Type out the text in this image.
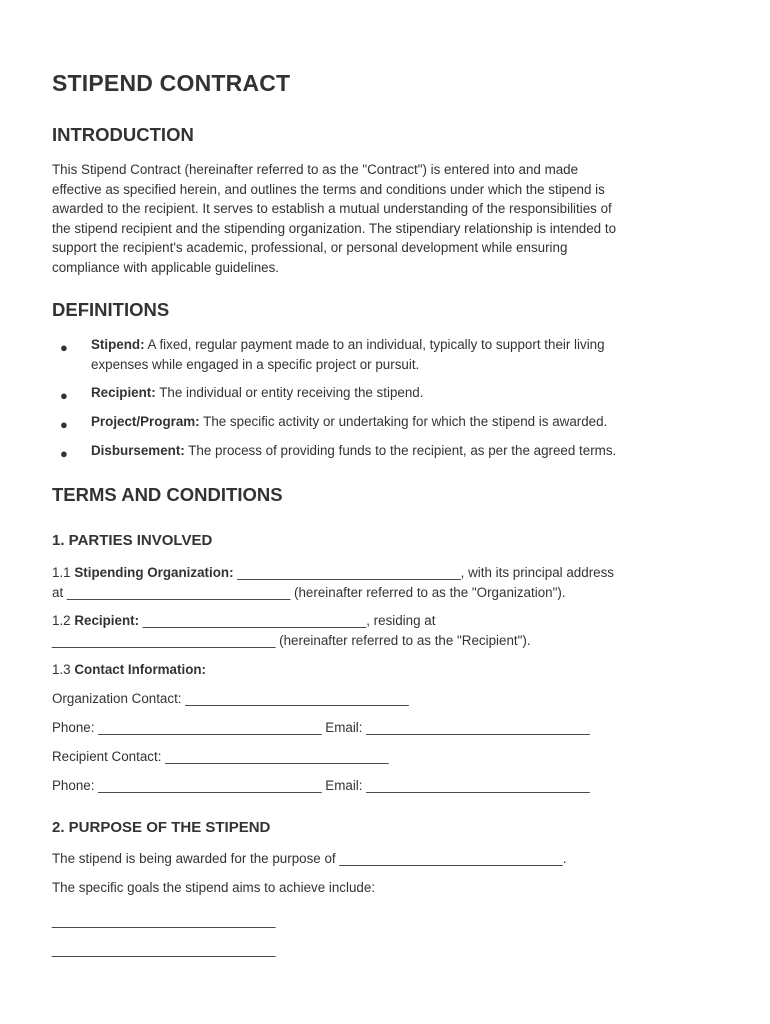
STIPEND CONTRACT
INTRODUCTION
This Stipend Contract (hereinafter referred to as the "Contract") is entered into and made
effective as specified herein, and outlines the terms and conditions under which the stipend is
awarded to the recipient. It serves to establish a mutual understanding of the responsibilities of
the stipend recipient and the stipending organization. The stipendiary relationship is intended to
support the recipient's academic, professional, or personal development while ensuring
compliance with applicable guidelines.
DEFINITIONS
● Stipend: A fixed, regular payment made to an individual, typically to support their living
expenses while engaged in a specific project or pursuit.
● Recipient: The individual or entity receiving the stipend.
● Project/Program: The specific activity or undertaking for which the stipend is awarded.
● Disbursement: The process of providing funds to the recipient, as per the agreed terms.
TERMS AND CONDITIONS
1. PARTIES INVOLVED
1.1 Stipending Organization: ______________________________, with its principal address
at ______________________________ (hereinafter referred to as the "Organization").
1.2 Recipient: ______________________________, residing at
______________________________ (hereinafter referred to as the "Recipient").
1.3 Contact Information:
Organization Contact: ______________________________
Phone: ______________________________ Email: ______________________________
Recipient Contact: ______________________________
Phone: ______________________________ Email: ______________________________
2. PURPOSE OF THE STIPEND
The stipend is being awarded for the purpose of ______________________________.
The specific goals the stipend aims to achieve include:
______________________________
______________________________
